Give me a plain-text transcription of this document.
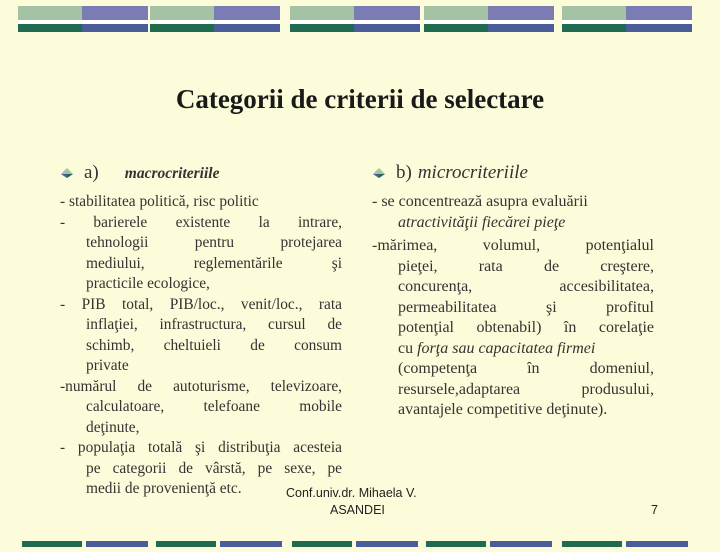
Categorii de criterii de selectare
a) macrocriteriile	b) microcriteriile
- stabilitatea politică, risc politic
- barierele existente la intrare,
tehnologii pentru protejarea
mediului, reglementările şi
practicile ecologice,
- PIB total, PIB/loc., venit/loc., rata
inflaţiei, infrastructura, cursul de
schimb, cheltuieli de consum
private
-numărul de autoturisme, televizoare,
calculatoare, telefoane mobile
deţinute,
- populaţia totală şi distribuţia acesteia
pe categorii de vârstă, pe sexe, pe
medii de provenienţă etc.
- se concentrează asupra evaluării
atractivităţii fiecărei pieţe
-mărimea, volumul, potenţialul
pieţei, rata de creştere,
concurenţa, accesibilitatea,
permeabilitatea şi profitul
potenţial obtenabil) în corelaţie
cu forţa sau capacitatea firmei
(competenţa în domeniul,
resursele,adaptarea produsului,
avantajele competitive deţinute).
Conf.univ.dr. Mihaela V.
ASANDEI	7
